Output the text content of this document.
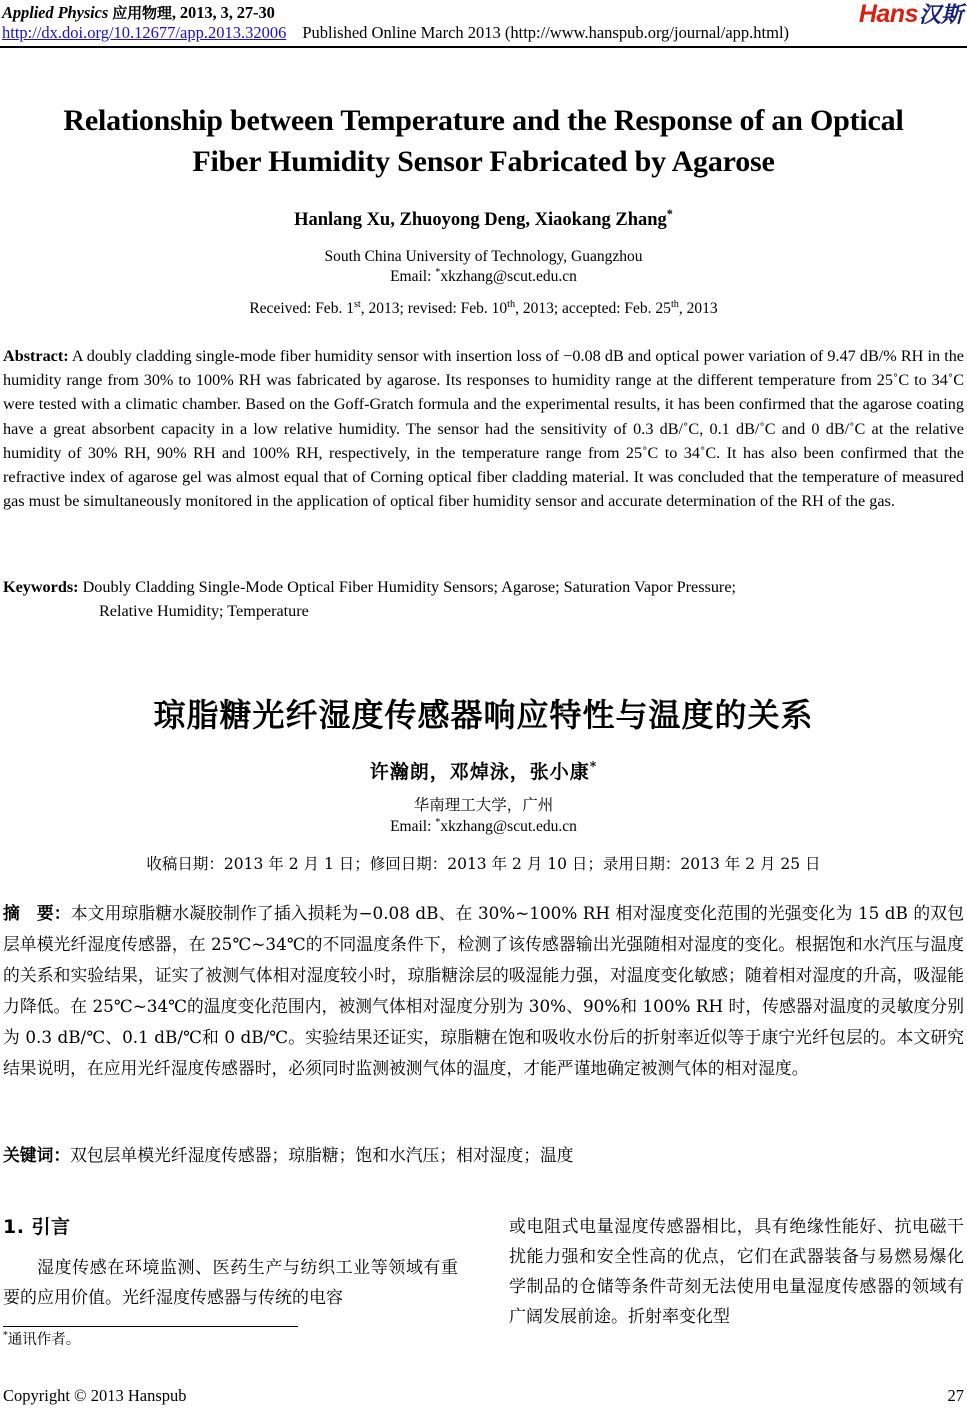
Applied Physics 应用物理, 2013, 3, 27-30
http://dx.doi.org/10.12677/app.2013.32006 Published Online March 2013 (http://www.hanspub.org/journal/app.html)
Hans汉斯
Relationship between Temperature and the Response of an Optical Fiber Humidity Sensor Fabricated by Agarose
Hanlang Xu, Zhuoyong Deng, Xiaokang Zhang*
South China University of Technology, Guangzhou
Email: *xkzhang@scut.edu.cn
Received: Feb. 1st, 2013; revised: Feb. 10th, 2013; accepted: Feb. 25th, 2013
Abstract: A doubly cladding single-mode fiber humidity sensor with insertion loss of −0.08 dB and optical power variation of 9.47 dB/% RH in the humidity range from 30% to 100% RH was fabricated by agarose. Its responses to humidity range at the different temperature from 25˚C to 34˚C were tested with a climatic chamber. Based on the Goff-Gratch formula and the experimental results, it has been confirmed that the agarose coating have a great absorbent capacity in a low relative humidity. The sensor had the sensitivity of 0.3 dB/˚C, 0.1 dB/˚C and 0 dB/˚C at the relative humidity of 30% RH, 90% RH and 100% RH, respectively, in the temperature range from 25˚C to 34˚C. It has also been confirmed that the refractive index of agarose gel was almost equal that of Corning optical fiber cladding material. It was concluded that the temperature of measured gas must be simultaneously monitored in the application of optical fiber humidity sensor and accurate determination of the RH of the gas.
Keywords: Doubly Cladding Single-Mode Optical Fiber Humidity Sensors; Agarose; Saturation Vapor Pressure;
Relative Humidity; Temperature
琼脂糖光纤湿度传感器响应特性与温度的关系
许瀚朗，邓焯泳，张小康*
华南理工大学，广州
Email: *xkzhang@scut.edu.cn
收稿日期：2013 年 2 月 1 日；修回日期：2013 年 2 月 10 日；录用日期：2013 年 2 月 25 日
摘　要：本文用琼脂糖水凝胶制作了插入损耗为−0.08 dB、在 30%~100% RH 相对湿度变化范围的光强变化为 15 dB 的双包层单模光纤湿度传感器，在 25℃~34℃的不同温度条件下，检测了该传感器输出光强随相对湿度的变化。根据饱和水汽压与温度的关系和实验结果，证实了被测气体相对湿度较小时，琼脂糖涂层的吸湿能力强，对温度变化敏感；随着相对湿度的升高，吸湿能力降低。在 25℃~34℃的温度变化范围内，被测气体相对湿度分别为 30%、90%和 100% RH 时，传感器对温度的灵敏度分别为 0.3 dB/℃、0.1 dB/℃和 0 dB/℃。实验结果还证实，琼脂糖在饱和吸收水份后的折射率近似等于康宁光纤包层的。本文研究结果说明，在应用光纤湿度传感器时，必须同时监测被测气体的温度，才能严谨地确定被测气体的相对湿度。
关键词：双包层单模光纤湿度传感器；琼脂糖；饱和水汽压；相对湿度；温度
1. 引言

湿度传感在环境监测、医药生产与纺织工业等领域有重要的应用价值。光纤湿度传感器与传统的电容

或电阻式电量湿度传感器相比，具有绝缘性能好、抗电磁干扰能力强和安全性高的优点，它们在武器装备与易燃易爆化学制品的仓储等条件苛刻无法使用电量湿度传感器的领域有广阔发展前途。折射率变化型

*通讯作者。
Copyright © 2013 Hanspub	27
